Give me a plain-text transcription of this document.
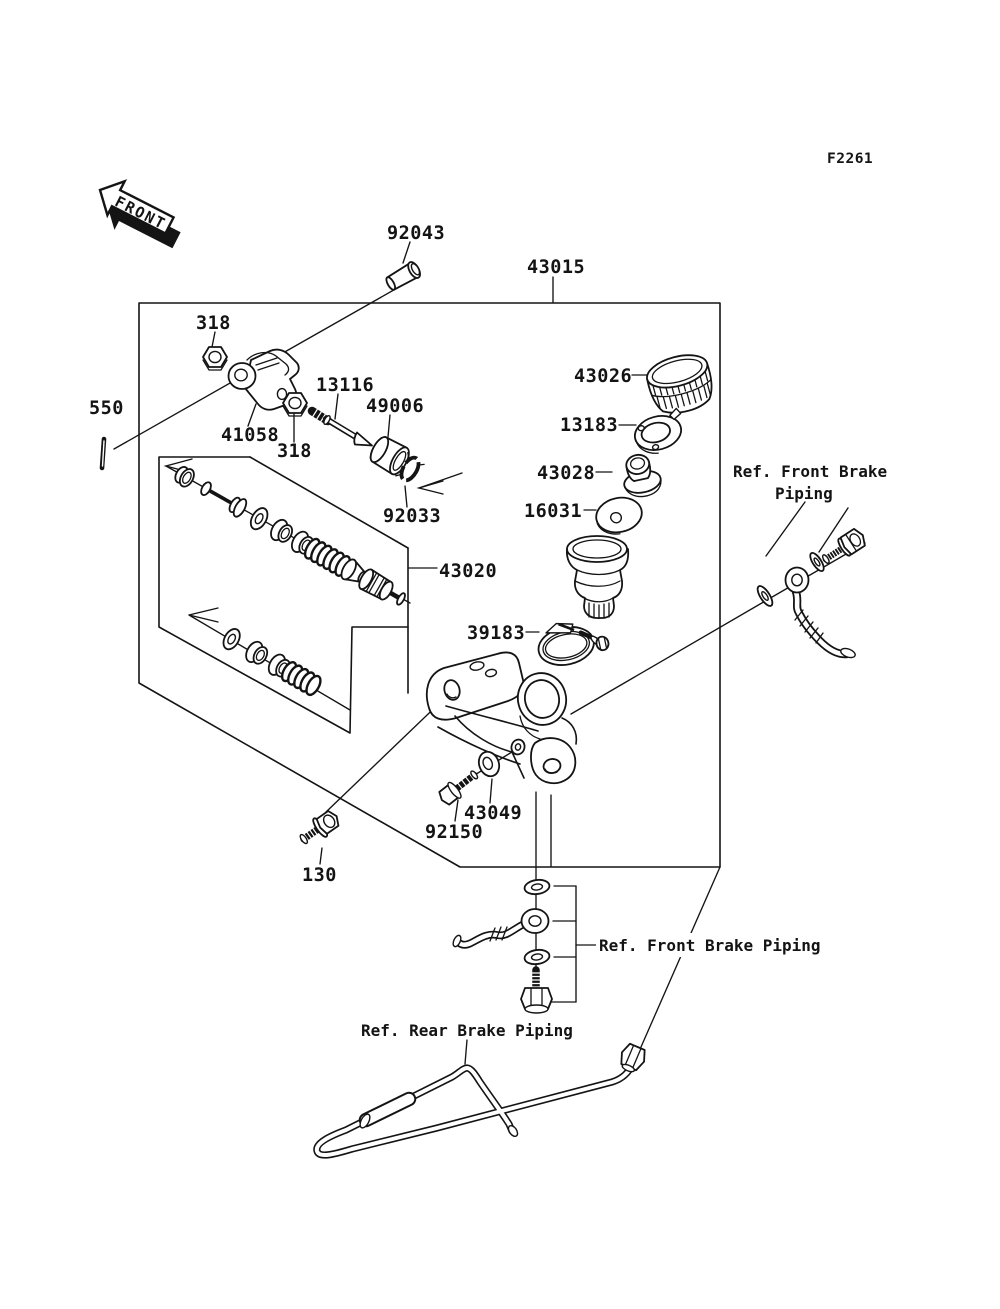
FRONT
F2261
92043
43015
318
550
41058
318
13116
49006
92033
43020
43026
13183
43028
16031
39183
43049
92150
130
Ref. Front Brake
Piping
Ref. Front Brake Piping
Ref. Rear Brake Piping
